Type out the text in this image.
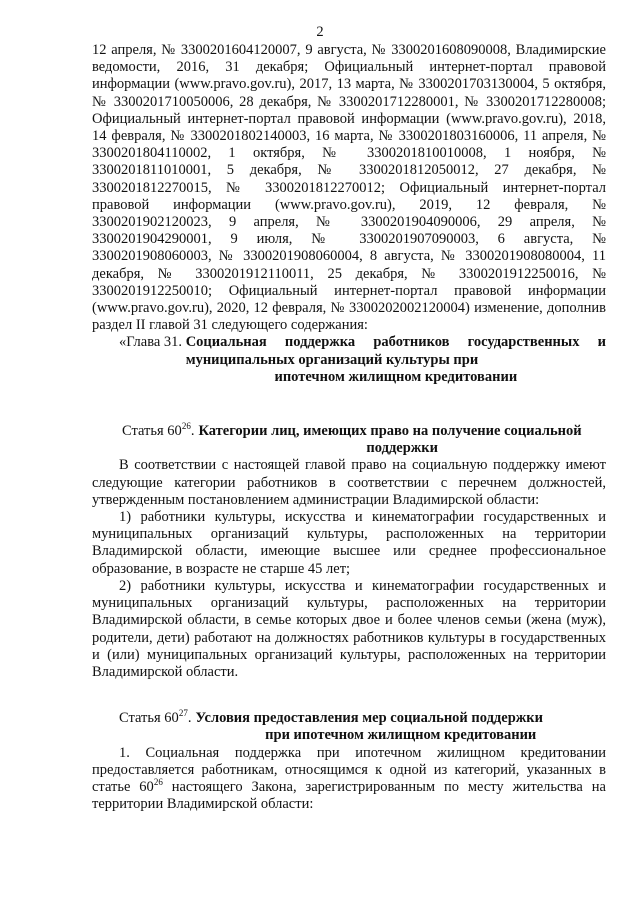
2

12 апреля, № 3300201604120007, 9 августа, № 3300201608090008, Владимирские ведомости, 2016, 31 декабря; Официальный интернет-портал правовой информации (www.pravo.gov.ru), 2017, 13 марта, № 3300201703130004, 5 октября, № 3300201710050006, 28 декабря, № 3300201712280001, № 3300201712280008; Официальный интернет-портал правовой информации (www.pravo.gov.ru), 2018, 14 февраля, № 3300201802140003, 16 марта, № 3300201803160006, 11 апреля, № 3300201804110002, 1 октября, № 3300201810010008, 1 ноября, № 3300201811010001, 5 декабря, № 3300201812050012, 27 декабря, № 3300201812270015, № 3300201812270012; Официальный интернет-портал правовой информации (www.pravo.gov.ru), 2019, 12 февраля, № 3300201902120023, 9 апреля, № 3300201904090006, 29 апреля, № 3300201904290001, 9 июля, № 3300201907090003, 6 августа, № 3300201908060003, № 3300201908060004, 8 августа, № 3300201908080004, 11 декабря, № 3300201912110011, 25 декабря, № 3300201912250016, № 3300201912250010; Официальный интернет-портал правовой информации (www.pravo.gov.ru), 2020, 12 февраля, № 3300202002120004) изменение, дополнив раздел II главой 31 следующего содержания:

«Глава 31. Социальная поддержка работников государственных и муниципальных организаций культуры при
ипотечном жилищном кредитовании
Статья $60^{26}$. Категории лиц, имеющих право на получение социальной
поддержки

В соответствии с настоящей главой право на социальную поддержку имеют следующие категории работников в соответствии с перечнем должностей, утвержденным постановлением администрации Владимирской области:

1) работники культуры, искусства и кинематографии государственных и муниципальных организаций культуры, расположенных на территории Владимирской области, имеющие высшее или среднее профессиональное образование, в возрасте не старше 45 лет;

2) работники культуры, искусства и кинематографии государственных и муниципальных организаций культуры, расположенных на территории Владимирской области, в семье которых двое и более членов семьи (жена (муж), родители, дети) работают на должностях работников культуры в государственных и (или) муниципальных организаций культуры, расположенных на территории Владимирской области.

Статья $60^{27}$. Условия предоставления мер социальной поддержки
при ипотечном жилищном кредитовании

1. Социальная поддержка при ипотечном жилищном кредитовании предоставляется работникам, относящимся к одной из категорий, указанных в статье $60^{26}$ настоящего Закона, зарегистрированным по месту жительства на территории Владимирской области:
